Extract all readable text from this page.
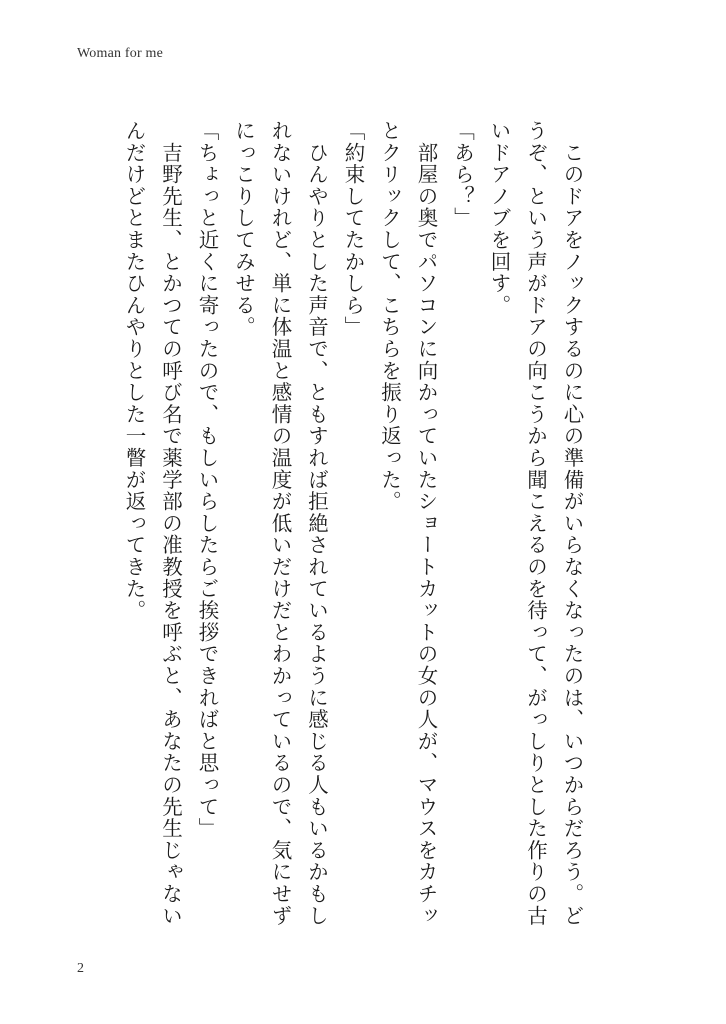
Woman for me

　このドアをノックするのに心の準備がいらなくなったのは、いつからだろう。どうぞ、という声がドアの向こうから聞こえるのを待って、がっしりとした作りの古いドアノブを回す。

「あら？」

　部屋の奥でパソコンに向かっていたショートカットの女の人が、マウスをカチッとクリックして、こちらを振り返った。

「約束してたかしら」

　ひんやりとした声音で、ともすれば拒絶されているように感じる人もいるかもしれないけれど、単に体温と感情の温度が低いだけだとわかっているので、気にせずにっこりしてみせる。

「ちょっと近くに寄ったので、もしいらしたらご挨拶できればと思って」

　吉野先生、とかつての呼び名で薬学部の准教授を呼ぶと、あなたの先生じゃないんだけどとまたひんやりとした一瞥が返ってきた。

2
